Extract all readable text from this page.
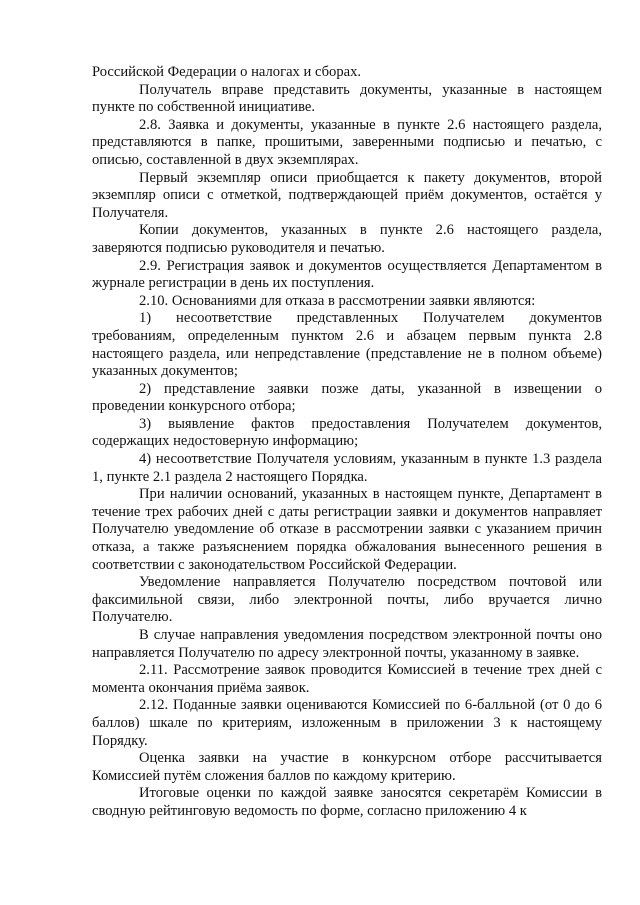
Российской Федерации о налогах и сборах.

Получатель вправе представить документы, указанные в настоящем пункте по собственной инициативе.

2.8. Заявка и документы, указанные в пункте 2.6 настоящего раздела, представляются в папке, прошитыми, заверенными подписью и печатью, с описью, составленной в двух экземплярах.

Первый экземпляр описи приобщается к пакету документов, второй экземпляр описи с отметкой, подтверждающей приём документов, остаётся у Получателя.

Копии документов, указанных в пункте 2.6 настоящего раздела, заверяются подписью руководителя и печатью.

2.9. Регистрация заявок и документов осуществляется Департаментом в журнале регистрации в день их поступления.

2.10. Основаниями для отказа в рассмотрении заявки являются:

1) несоответствие представленных Получателем документов требованиям, определенным пунктом 2.6 и абзацем первым пункта 2.8 настоящего раздела, или непредставление (представление не в полном объеме) указанных документов;

2) представление заявки позже даты, указанной в извещении о проведении конкурсного отбора;

3) выявление фактов предоставления Получателем документов, содержащих недостоверную информацию;

4) несоответствие Получателя условиям, указанным в пункте 1.3 раздела 1, пункте 2.1 раздела 2 настоящего Порядка.

При наличии оснований, указанных в настоящем пункте, Департамент в течение трех рабочих дней с даты регистрации заявки и документов направляет Получателю уведомление об отказе в рассмотрении заявки с указанием причин отказа, а также разъяснением порядка обжалования вынесенного решения в соответствии с законодательством Российской Федерации.

Уведомление направляется Получателю посредством почтовой или факсимильной связи, либо электронной почты, либо вручается лично Получателю.

В случае направления уведомления посредством электронной почты оно направляется Получателю по адресу электронной почты, указанному в заявке.

2.11. Рассмотрение заявок проводится Комиссией в течение трех дней с момента окончания приёма заявок.

2.12. Поданные заявки оцениваются Комиссией по 6-балльной (от 0 до 6 баллов) шкале по критериям, изложенным в приложении 3 к настоящему Порядку.

Оценка заявки на участие в конкурсном отборе рассчитывается Комиссией путём сложения баллов по каждому критерию.

Итоговые оценки по каждой заявке заносятся секретарём Комиссии в сводную рейтинговую ведомость по форме, согласно приложению 4 к
